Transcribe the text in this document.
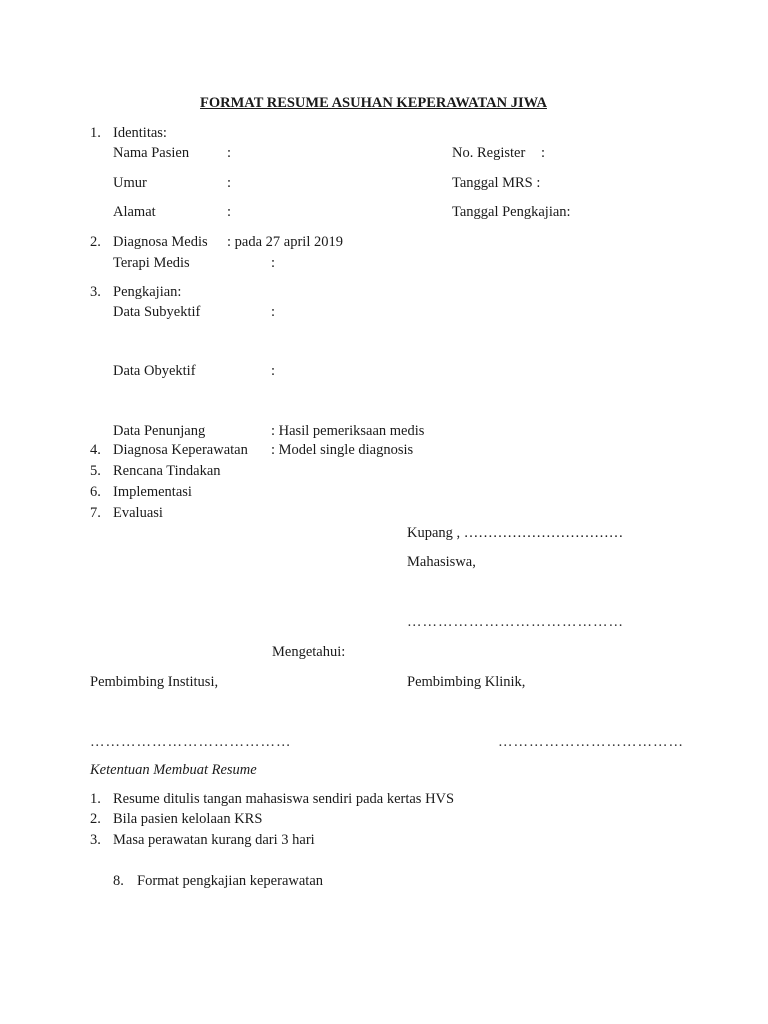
FORMAT RESUME ASUHAN KEPERAWATAN JIWA
1. Identitas:
Nama Pasien	:	No. Register :
Umur	:	Tanggal MRS :
Alamat	:	Tanggal Pengkajian:
2. Diagnosa Medis : pada 27 april 2019
Terapi Medis	:
3. Pengkajian:
Data Subyektif	:
Data Obyektif	:
Data Penunjang	: Hasil pemeriksaan medis
4. Diagnosa Keperawatan : Model single diagnosis
5. Rencana Tindakan
6. Implementasi
7. Evaluasi
Kupang , ……………………………
Mahasiswa,
……………………………………
Mengetahui:
Pembimbing Institusi,	Pembimbing Klinik,
…………………………………	………………………………
Ketentuan Membuat Resume
1. Resume ditulis tangan mahasiswa sendiri pada kertas HVS
2. Bila pasien kelolaan KRS
3. Masa perawatan kurang dari 3 hari
8. Format pengkajian keperawatan
